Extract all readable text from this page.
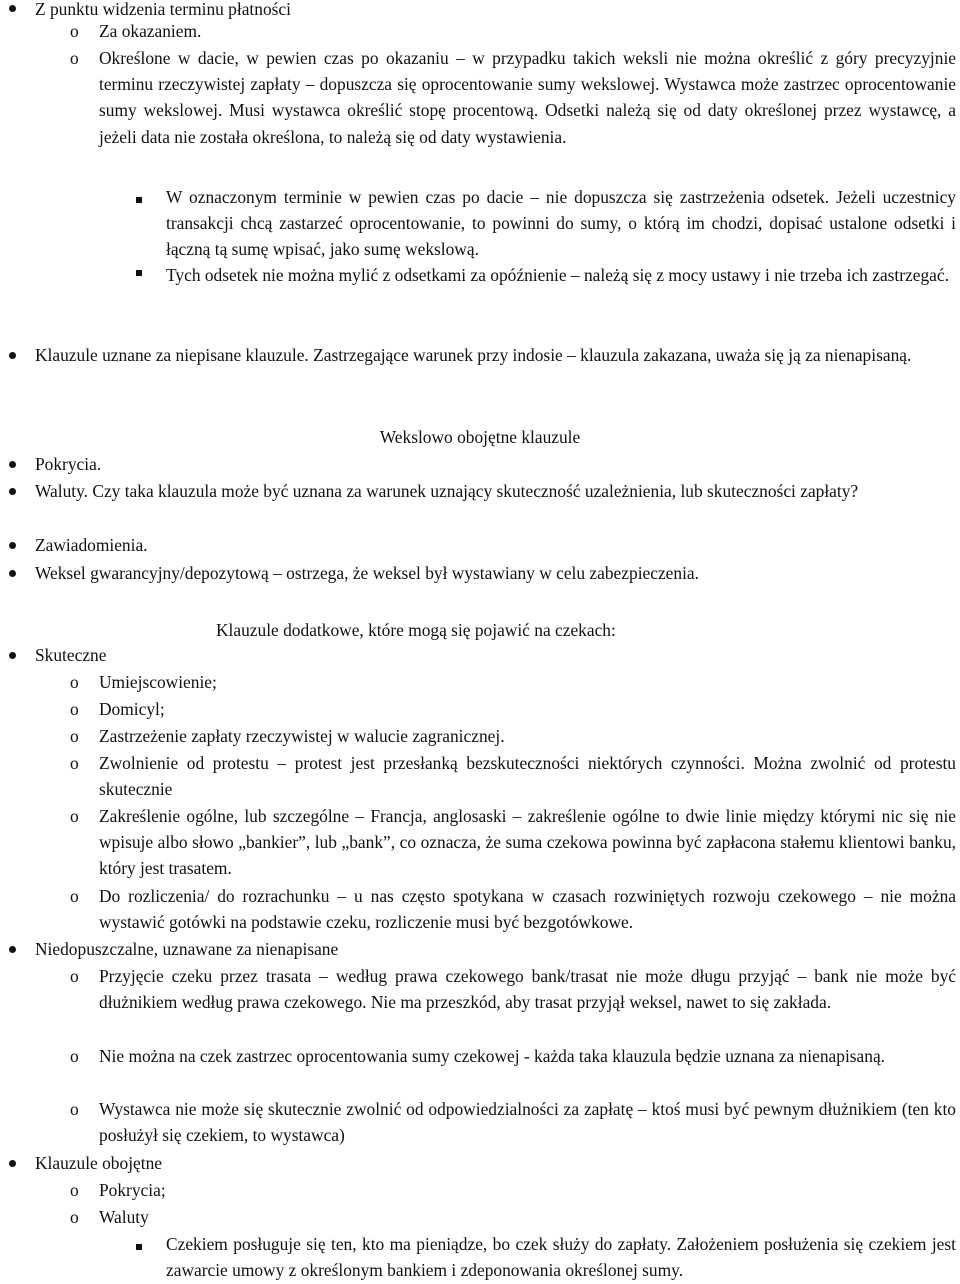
Z punktu widzenia terminu płatności
o Za okazaniem.
o Określone w dacie, w pewien czas po okazaniu – w przypadku takich weksli nie można określić z góry precyzyjnie terminu rzeczywistej zapłaty – dopuszcza się oprocentowanie sumy wekslowej. Wystawca może zastrzec oprocentowanie sumy wekslowej. Musi wystawca określić stopę procentową. Odsetki należą się od daty określonej przez wystawcę, a jeżeli data nie została określona, to należą się od daty wystawienia.
W oznaczonym terminie w pewien czas po dacie – nie dopuszcza się zastrzeżenia odsetek. Jeżeli uczestnicy transakcji chcą zastarzeć oprocentowanie, to powinni do sumy, o którą im chodzi, dopisać ustalone odsetki i łączną tą sumę wpisać, jako sumę wekslową.
Tych odsetek nie można mylić z odsetkami za opóźnienie – należą się z mocy ustawy i nie trzeba ich zastrzegać.
Klauzule uznane za niepisane klauzule. Zastrzegające warunek przy indosie – klauzula zakazana, uważa się ją za nienapisaną.
Wekslowo obojętne klauzule
Pokrycia.
Waluty. Czy taka klauzula może być uznana za warunek uznający skuteczność uzależnienia, lub skuteczności zapłaty?
Zawiadomienia.
Weksel gwarancyjny/depozytową – ostrzega, że weksel był wystawiany w celu zabezpieczenia.
Klauzule dodatkowe, które mogą się pojawić na czekach:
Skuteczne
o Umiejscowienie;
o Domicyl;
o Zastrzeżenie zapłaty rzeczywistej w walucie zagranicznej.
o Zwolnienie od protestu – protest jest przesłanką bezskuteczności niektórych czynności. Można zwolnić od protestu skutecznie
o Zakreślenie ogólne, lub szczególne – Francja, anglosaski – zakreślenie ogólne to dwie linie między którymi nic się nie wpisuje albo słowo „bankier”, lub „bank”, co oznacza, że suma czekowa powinna być zapłacona stałemu klientowi banku, który jest trasatem.
o Do rozliczenia/ do rozrachunku – u nas często spotykana w czasach rozwiniętych rozwoju czekowego – nie można wystawić gotówki na podstawie czeku, rozliczenie musi być bezgotówkowe.
Niedopuszczalne, uznawane za nienapisane
o Przyjęcie czeku przez trasata – według prawa czekowego bank/trasat nie może długu przyjąć – bank nie może być dłużnikiem według prawa czekowego. Nie ma przeszkód, aby trasat przyjął weksel, nawet to się zakłada.
o Nie można na czek zastrzec oprocentowania sumy czekowej - każda taka klauzula będzie uznana za nienapisaną.
o Wystawca nie może się skutecznie zwolnić od odpowiedzialności za zapłatę – ktoś musi być pewnym dłużnikiem (ten kto posłużył się czekiem, to wystawca)
Klauzule obojętne
o Pokrycia;
o Waluty
Czekiem posługuje się ten, kto ma pieniądze, bo czek służy do zapłaty. Założeniem posłużenia się czekiem jest zawarcie umowy z określonym bankiem i zdeponowania określonej sumy.
